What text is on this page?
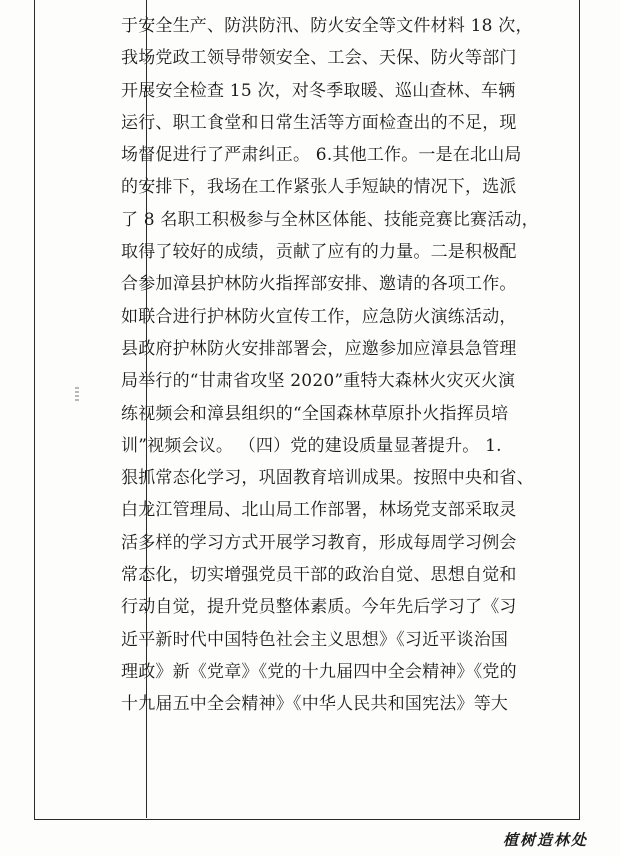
于安全生产、防洪防汛、防火安全等文件材料 18 次，
我场党政工领导带领安全、工会、天保、防火等部门
开展安全检查 15 次，对冬季取暖、巡山查林、车辆
运行、职工食堂和日常生活等方面检查出的不足，现
场督促进行了严肃纠正。 6.其他工作。一是在北山局
的安排下，我场在工作紧张人手短缺的情况下，选派
了 8 名职工积极参与全林区体能、技能竞赛比赛活动，
取得了较好的成绩，贡献了应有的力量。二是积极配
合参加漳县护林防火指挥部安排、邀请的各项工作。
如联合进行护林防火宣传工作，应急防火演练活动，
县政府护林防火安排部署会，应邀参加应漳县急管理
局举行的“甘肃省攻坚 2020”重特大森林火灾灭火演
练视频会和漳县组织的“全国森林草原扑火指挥员培
训”视频会议。 （四）党的建设质量显著提升。 1.
狠抓常态化学习，巩固教育培训成果。按照中央和省、
白龙江管理局、北山局工作部署，林场党支部采取灵
活多样的学习方式开展学习教育，形成每周学习例会
常态化，切实增强党员干部的政治自觉、思想自觉和
行动自觉，提升党员整体素质。今年先后学习了《习
近平新时代中国特色社会主义思想》《习近平谈治国
理政》新《党章》《党的十九届四中全会精神》《党的
十九届五中全会精神》《中华人民共和国宪法》等大
植树造林处
